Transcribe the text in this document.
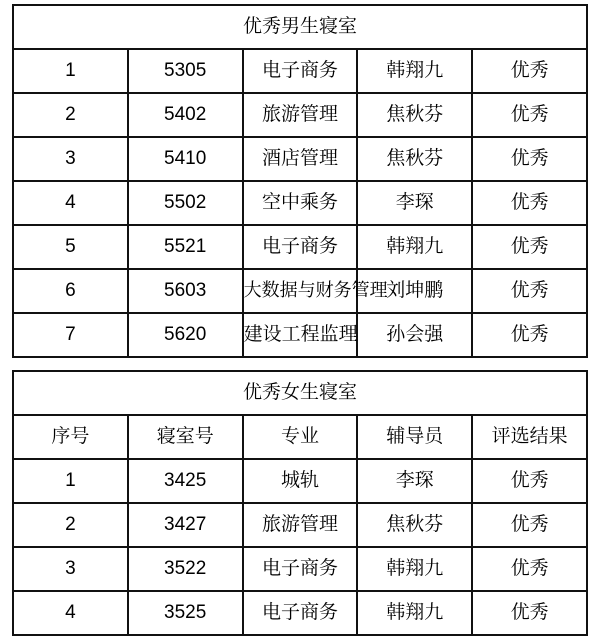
优秀男生寝室				
1	5305	电子商务	韩翔九	优秀
2	5402	旅游管理	焦秋芬	优秀
3	5410	酒店管理	焦秋芬	优秀
4	5502	空中乘务	李琛	优秀
5	5521	电子商务	韩翔九	优秀
6	5603	大数据与财务管理	刘坤鹏	优秀
7	5620	建设工程监理	孙会强	优秀
优秀女生寝室				
序号	寝室号	专业	辅导员	评选结果
1	3425	城轨	李琛	优秀
2	3427	旅游管理	焦秋芬	优秀
3	3522	电子商务	韩翔九	优秀
4	3525	电子商务	韩翔九	优秀
